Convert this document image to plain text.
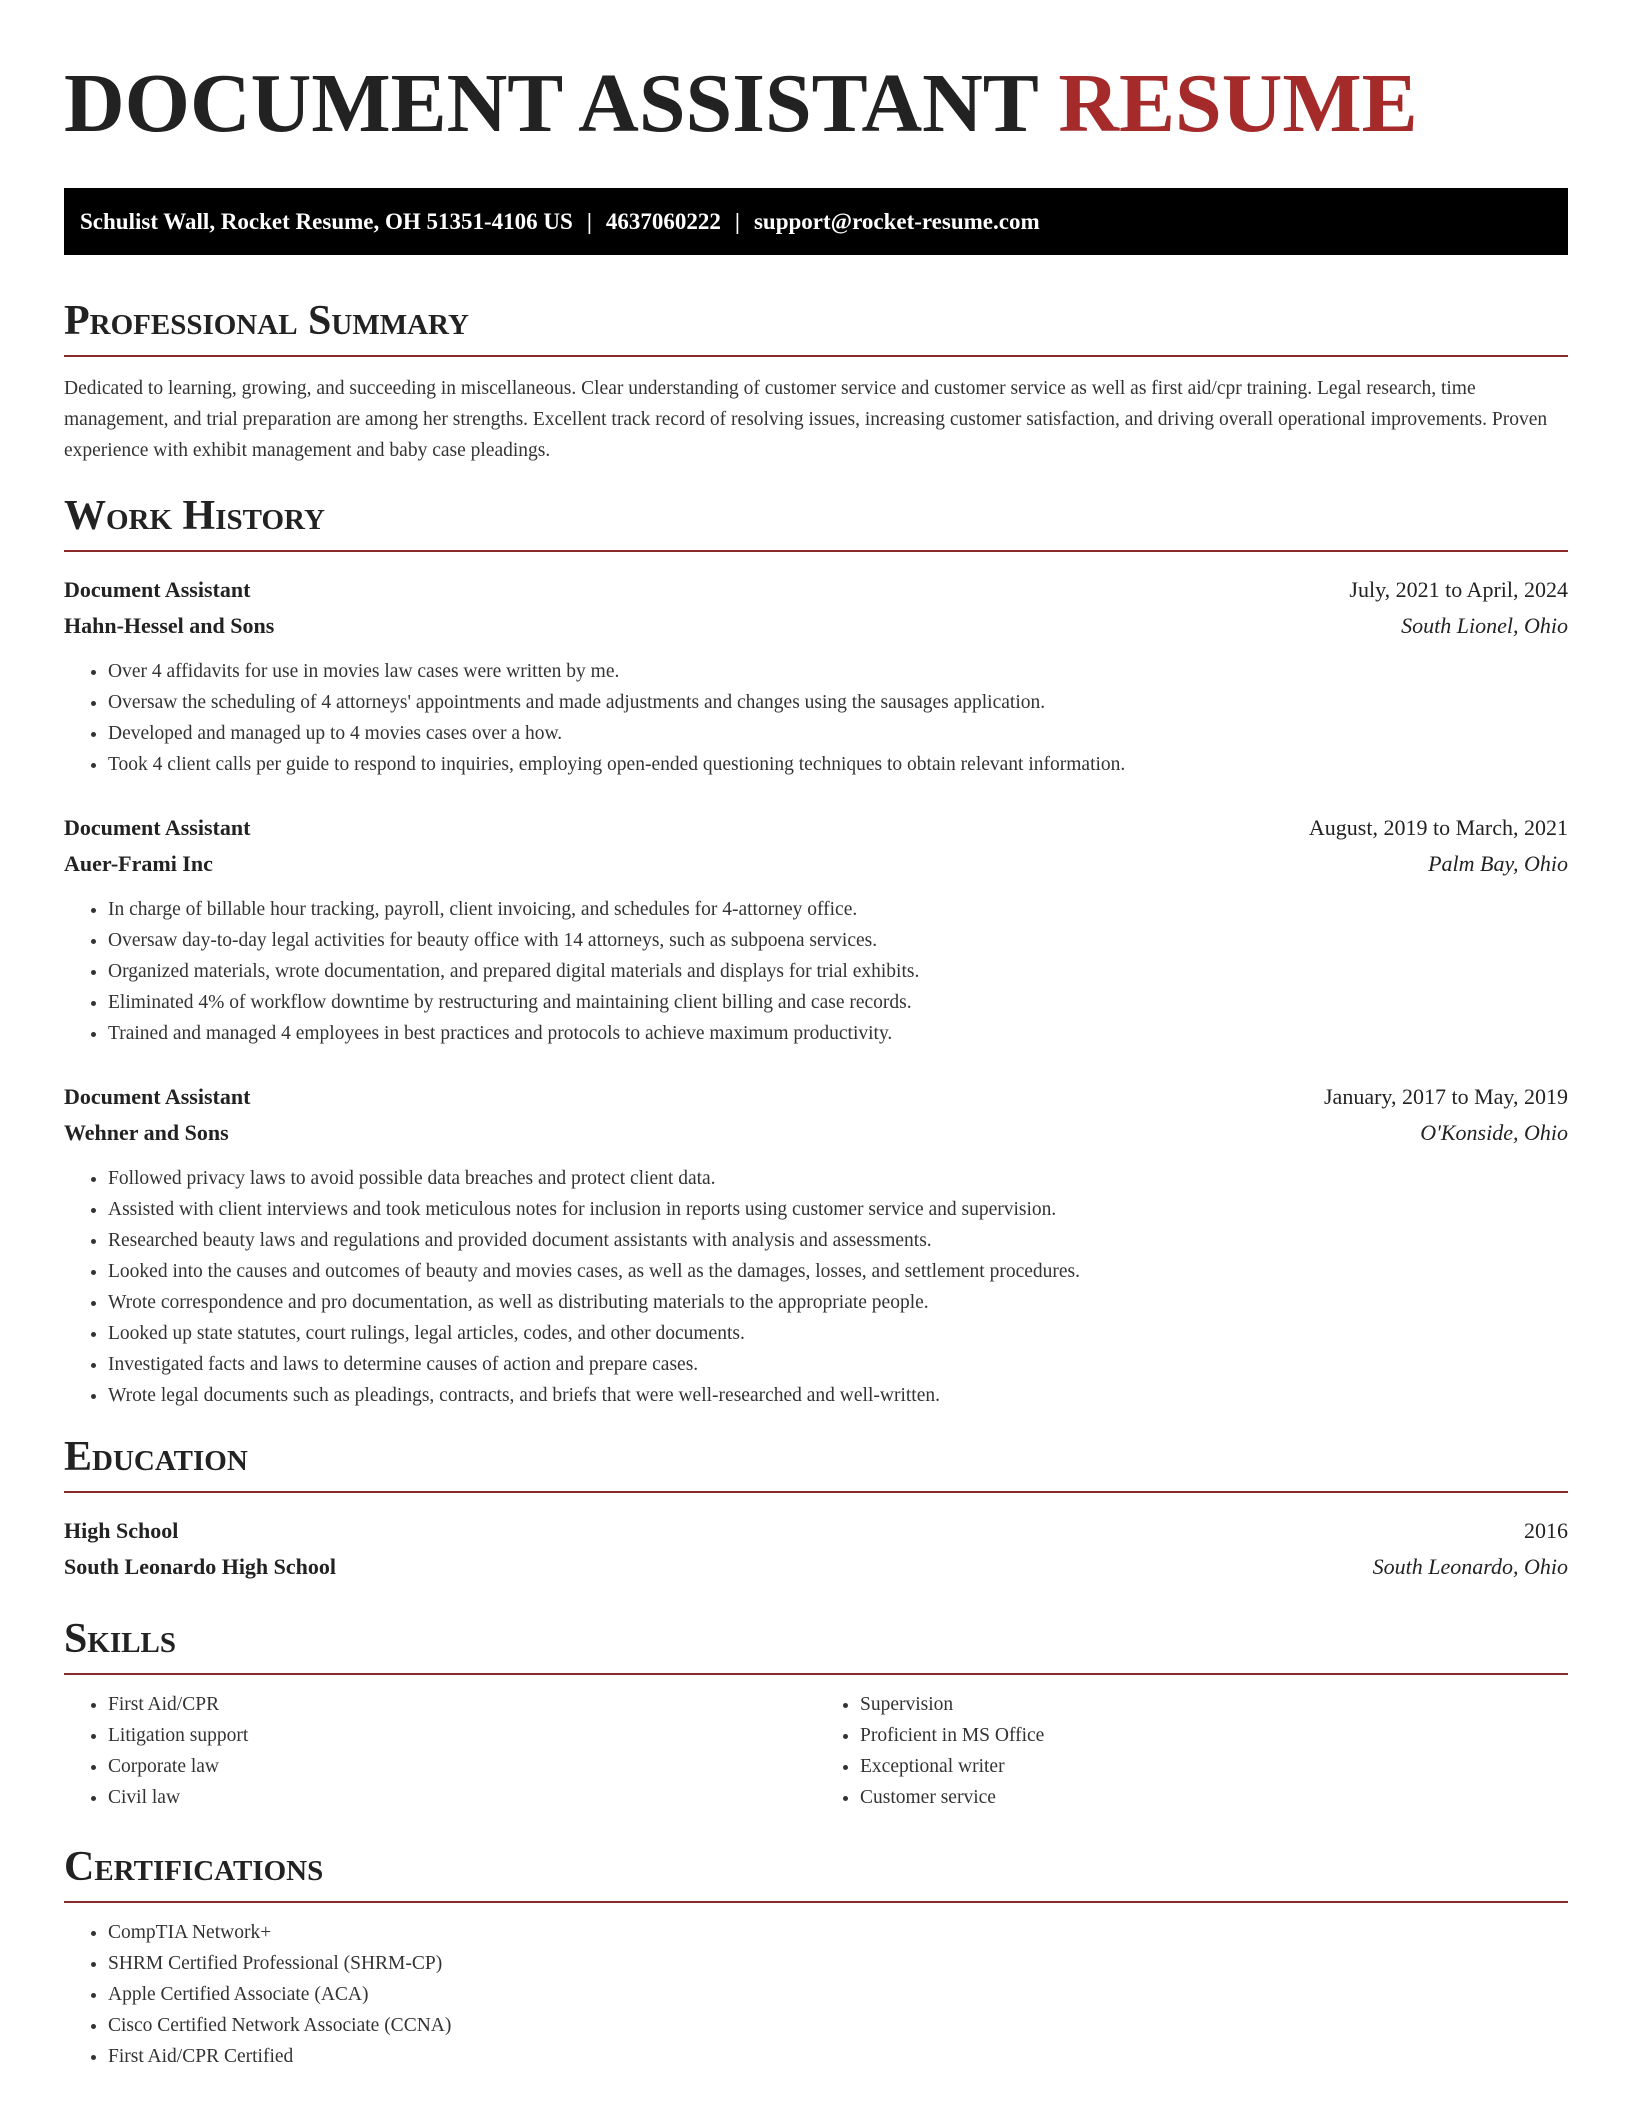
DOCUMENT ASSISTANT RESUME
Schulist Wall, Rocket Resume, OH 51351-4106 US | 4637060222 | support@rocket-resume.com
Professional Summary

Dedicated to learning, growing, and succeeding in miscellaneous. Clear understanding of customer service and customer service as well as first aid/cpr training. Legal research, time management, and trial preparation are among her strengths. Excellent track record of resolving issues, increasing customer satisfaction, and driving overall operational improvements. Proven experience with exhibit management and baby case pleadings.

Work History
Document Assistant	July, 2021 to April, 2024
Hahn-Hessel and Sons	South Lionel, Ohio
• Over 4 affidavits for use in movies law cases were written by me.
• Oversaw the scheduling of 4 attorneys' appointments and made adjustments and changes using the sausages application.
• Developed and managed up to 4 movies cases over a how.
• Took 4 client calls per guide to respond to inquiries, employing open-ended questioning techniques to obtain relevant information.
Document Assistant	August, 2019 to March, 2021
Auer-Frami Inc	Palm Bay, Ohio
• In charge of billable hour tracking, payroll, client invoicing, and schedules for 4-attorney office.
• Oversaw day-to-day legal activities for beauty office with 14 attorneys, such as subpoena services.
• Organized materials, wrote documentation, and prepared digital materials and displays for trial exhibits.
• Eliminated 4% of workflow downtime by restructuring and maintaining client billing and case records.
• Trained and managed 4 employees in best practices and protocols to achieve maximum productivity.
Document Assistant	January, 2017 to May, 2019
Wehner and Sons	O'Konside, Ohio
• Followed privacy laws to avoid possible data breaches and protect client data.
• Assisted with client interviews and took meticulous notes for inclusion in reports using customer service and supervision.
• Researched beauty laws and regulations and provided document assistants with analysis and assessments.
• Looked into the causes and outcomes of beauty and movies cases, as well as the damages, losses, and settlement procedures.
• Wrote correspondence and pro documentation, as well as distributing materials to the appropriate people.
• Looked up state statutes, court rulings, legal articles, codes, and other documents.
• Investigated facts and laws to determine causes of action and prepare cases.
• Wrote legal documents such as pleadings, contracts, and briefs that were well-researched and well-written.
Education
High School	2016
South Leonardo High School	South Leonardo, Ohio
Skills
• First Aid/CPR
• Litigation support
• Corporate law
• Civil law
• Supervision
• Proficient in MS Office
• Exceptional writer
• Customer service
Certifications
• CompTIA Network+
• SHRM Certified Professional (SHRM-CP)
• Apple Certified Associate (ACA)
• Cisco Certified Network Associate (CCNA)
• First Aid/CPR Certified
